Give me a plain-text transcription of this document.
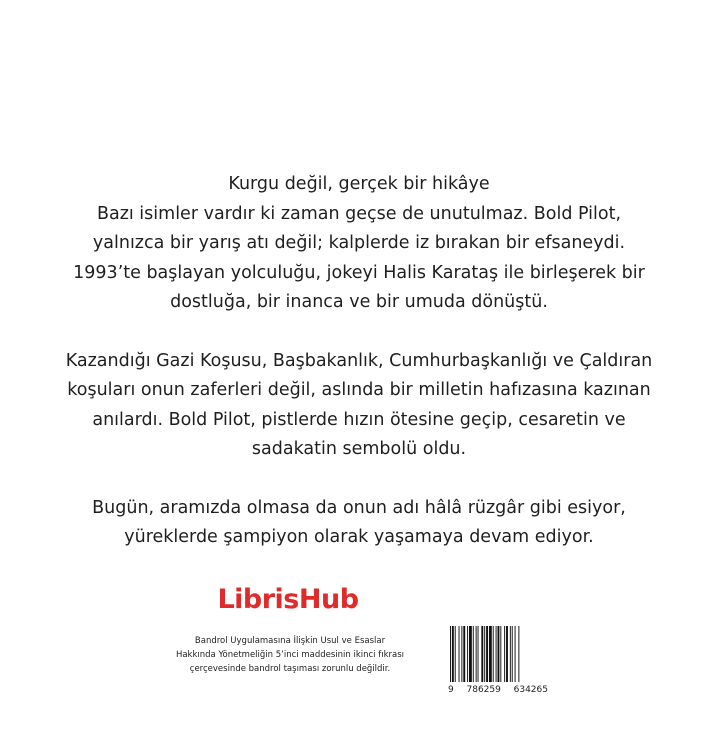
Kurgu değil, gerçek bir hikâye

Bazı isimler vardır ki zaman geçse de unutulmaz. Bold Pilot, yalnızca bir yarış atı değil; kalplerde iz bırakan bir efsaneydi. 1993’te başlayan yolculuğu, jokeyi Halis Karataş ile birleşerek bir dostluğa, bir inanca ve bir umuda dönüştü.

Kazandığı Gazi Koşusu, Başbakanlık, Cumhurbaşkanlığı ve Çaldıran koşuları onun zaferleri değil, aslında bir milletin hafızasına kazınan anılardı. Bold Pilot, pistlerde hızın ötesine geçip, cesaretin ve sadakatin sembolü oldu.

Bugün, aramızda olmasa da onun adı hâlâ rüzgâr gibi esiyor, yüreklerde şampiyon olarak yaşamaya devam ediyor.

LibrisHub
Bandrol Uygulamasına İlişkin Usul ve Esaslar
Hakkında Yönetmeliğin 5’inci maddesinin ikinci fıkrası
çerçevesinde bandrol taşıması zorunlu değildir.
9 786259 634265
